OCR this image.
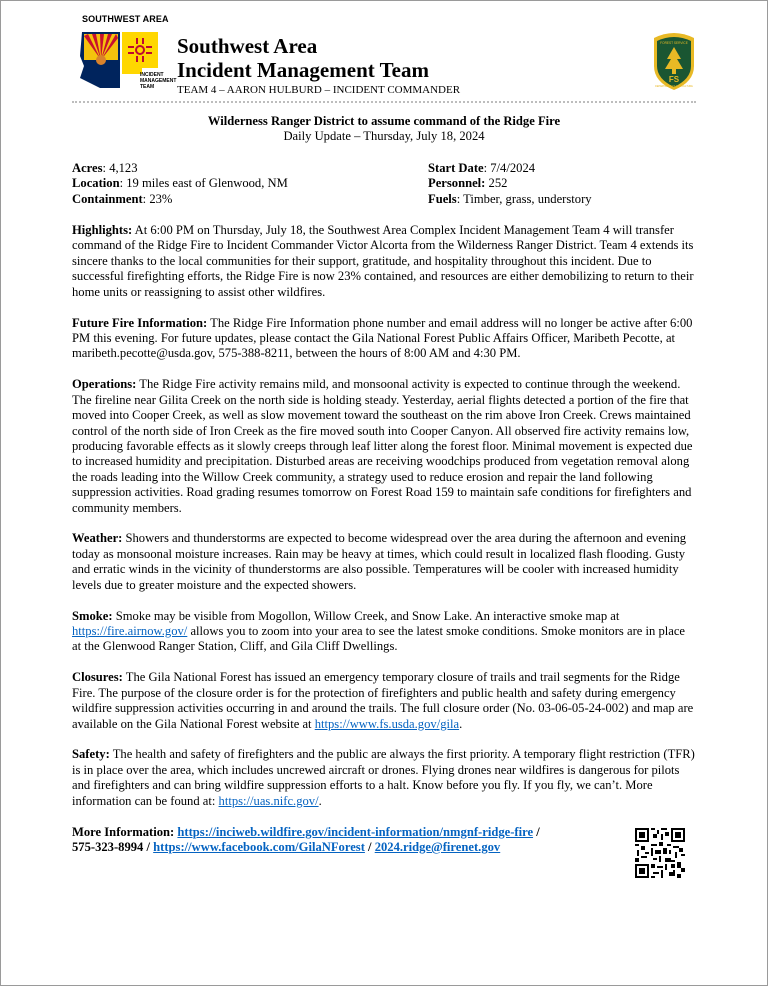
SOUTHWEST AREA
INCIDENT
MANAGEMENT
TEAM
Southwest Area
Incident Management Team
TEAM 4 – AARON HULBURD – INCIDENT COMMANDER
FS
FOREST SERVICE
DEPARTMENT OF AGRICULTURE
Wilderness Ranger District to assume command of the Ridge Fire
Daily Update – Thursday, July 18, 2024
Acres: 4,123
Location: 19 miles east of Glenwood, NM
Containment: 23%
Start Date: 7/4/2024
Personnel: 252
Fuels: Timber, grass, understory

Highlights: At 6:00 PM on Thursday, July 18, the Southwest Area Complex Incident Management Team 4 will transfer command of the Ridge Fire to Incident Commander Victor Alcorta from the Wilderness Ranger District. Team 4 extends its sincere thanks to the local communities for their support, gratitude, and hospitality throughout this incident. Due to successful firefighting efforts, the Ridge Fire is now 23% contained, and resources are either demobilizing to return to their home units or reassigning to assist other wildfires.

Future Fire Information: The Ridge Fire Information phone number and email address will no longer be active after 6:00 PM this evening. For future updates, please contact the Gila National Forest Public Affairs Officer, Maribeth Pecotte, at maribeth.pecotte@usda.gov, 575-388-8211, between the hours of 8:00 AM and 4:30 PM.

Operations: The Ridge Fire activity remains mild, and monsoonal activity is expected to continue through the weekend. The fireline near Gilita Creek on the north side is holding steady. Yesterday, aerial flights detected a portion of the fire that moved into Cooper Creek, as well as slow movement toward the southeast on the rim above Iron Creek. Crews maintained control of the north side of Iron Creek as the fire moved south into Cooper Canyon. All observed fire activity remains low, producing favorable effects as it slowly creeps through leaf litter along the forest floor. Minimal movement is expected due to increased humidity and precipitation. Disturbed areas are receiving woodchips produced from vegetation removal along the roads leading into the Willow Creek community, a strategy used to reduce erosion and repair the land following suppression activities. Road grading resumes tomorrow on Forest Road 159 to maintain safe conditions for firefighters and community members.

Weather: Showers and thunderstorms are expected to become widespread over the area during the afternoon and evening today as monsoonal moisture increases. Rain may be heavy at times, which could result in localized flash flooding. Gusty and erratic winds in the vicinity of thunderstorms are also possible. Temperatures will be cooler with increased humidity levels due to greater moisture and the expected showers.

Smoke: Smoke may be visible from Mogollon, Willow Creek, and Snow Lake. An interactive smoke map at https://fire.airnow.gov/ allows you to zoom into your area to see the latest smoke conditions. Smoke monitors are in place at the Glenwood Ranger Station, Cliff, and Gila Cliff Dwellings.

Closures: The Gila National Forest has issued an emergency temporary closure of trails and trail segments for the Ridge Fire. The purpose of the closure order is for the protection of firefighters and public health and safety during emergency wildfire suppression activities occurring in and around the trails. The full closure order (No. 03-06-05-24-002) and map are available on the Gila National Forest website at https://www.fs.usda.gov/gila.

Safety: The health and safety of firefighters and the public are always the first priority. A temporary flight restriction (TFR) is in place over the area, which includes uncrewed aircraft or drones. Flying drones near wildfires is dangerous for pilots and firefighters and can bring wildfire suppression efforts to a halt. Know before you fly. If you fly, we can’t. More information can be found at: https://uas.nifc.gov/.

More Information: https://inciweb.wildfire.gov/incident-information/nmgnf-ridge-fire /
575-323-8994 / https://www.facebook.com/GilaNForest / 2024.ridge@firenet.gov
